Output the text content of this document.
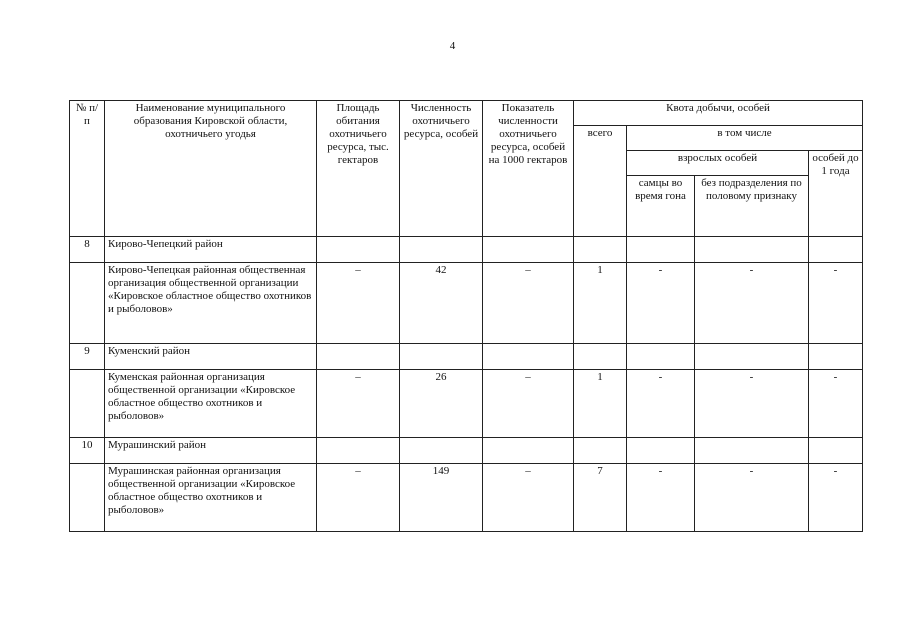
4
№ п/п	Наименование муниципального образования Кировской области, охотничьего угодья	Площадь обитания охотничьего ресурса, тыс. гектаров	Численность охотничьего ресурса, особей	Показатель численности охотничьего ресурса, особей на 1000 гектаров	Квота добычи, особей			
					всего	в том числе		
						взрослых особей		особей до 1 года
						самцы во время гона	без подразделения по половому признаку	
8	Кирово-Чепецкий район							
	Кирово-Чепецкая районная общественная организация общественной организации «Кировское областное общество охотников и рыболовов»	–	42	–	1	-	-	-
9	Куменский район							
	Куменская районная организация общественной организации «Кировское областное общество охотников и рыболовов»	–	26	–	1	-	-	-
10	Мурашинский район							
	Мурашинская районная организация общественной организации «Кировское областное общество охотников и рыболовов»	–	149	–	7	-	-	-
